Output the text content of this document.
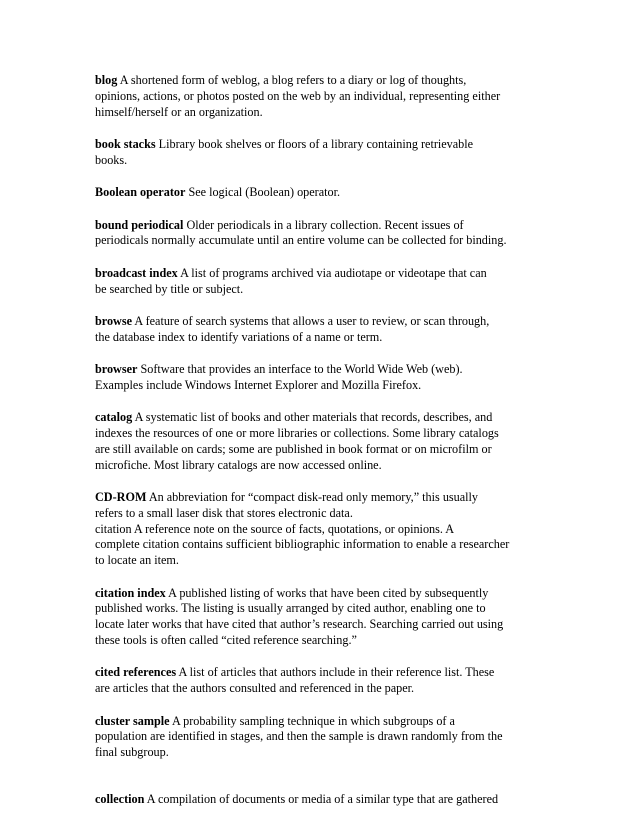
blog A shortened form of weblog, a blog refers to a diary or log of thoughts,
opinions, actions, or photos posted on the web by an individual, representing either
himself/herself or an organization.
book stacks Library book shelves or floors of a library containing retrievable
books.
Boolean operator See logical (Boolean) operator.
bound periodical Older periodicals in a library collection. Recent issues of
periodicals normally accumulate until an entire volume can be collected for binding.
broadcast index A list of programs archived via audiotape or videotape that can
be searched by title or subject.
browse A feature of search systems that allows a user to review, or scan through,
the database index to identify variations of a name or term.
browser Software that provides an interface to the World Wide Web (web).
Examples include Windows Internet Explorer and Mozilla Firefox.
catalog A systematic list of books and other materials that records, describes, and
indexes the resources of one or more libraries or collections. Some library catalogs
are still available on cards; some are published in book format or on microfilm or
microfiche. Most library catalogs are now accessed online.
CD-ROM An abbreviation for “compact disk-read only memory,” this usually
refers to a small laser disk that stores electronic data.
citation A reference note on the source of facts, quotations, or opinions. A
complete citation contains sufficient bibliographic information to enable a researcher
to locate an item.
citation index A published listing of works that have been cited by subsequently
published works. The listing is usually arranged by cited author, enabling one to
locate later works that have cited that author’s research. Searching carried out using
these tools is often called “cited reference searching.”
cited references A list of articles that authors include in their reference list. These
are articles that the authors consulted and referenced in the paper.
cluster sample A probability sampling technique in which subgroups of a
population are identified in stages, and then the sample is drawn randomly from the
final subgroup.
collection A compilation of documents or media of a similar type that are gathered
